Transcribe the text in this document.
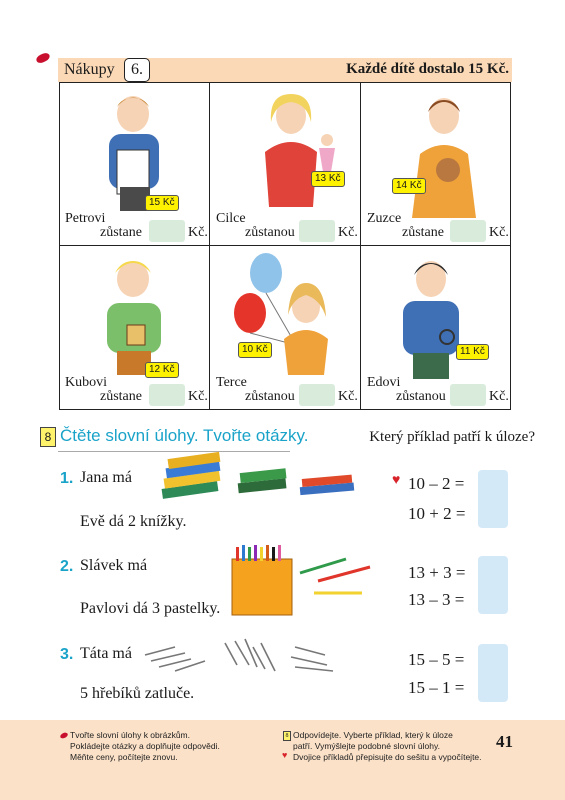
Nákupy	6.	Každé dítě dostalo 15 Kč.
15 Kč
13 Kč
14 Kč
12 Kč
10 Kč	11 Kč
Petrovi
zůstane	Kč.
Cilce
zůstanou	Kč.
Zuzce
zůstane	Kč.
Kubovi
zůstane	Kč.
Terce
zůstanou	Kč.
Edovi
zůstanou	Kč.
8 Čtěte slovní úlohy. Tvořte otázky.	Který příklad patří k úloze?
1. Jana má
Evě dá 2 knížky.
♥ 10 – 2 =
10 + 2 =
2. Slávek má
Pavlovi dá 3 pastelky.
13 + 3 =
13 – 3 =
3. Táta má
5 hřebíků zatluče.
15 – 5 =
15 – 1 =
Tvořte slovní úlohy k obrázkům.
Pokládejte otázky a doplňujte odpovědi.
Měňte ceny, počítejte znovu.
8 Odpovídejte. Vyberte příklad, který k úloze
patří. Vymýšlejte podobné slovní úlohy.
♥ Dvojice příkladů přepisujte do sešitu a vypočítejte.
41
